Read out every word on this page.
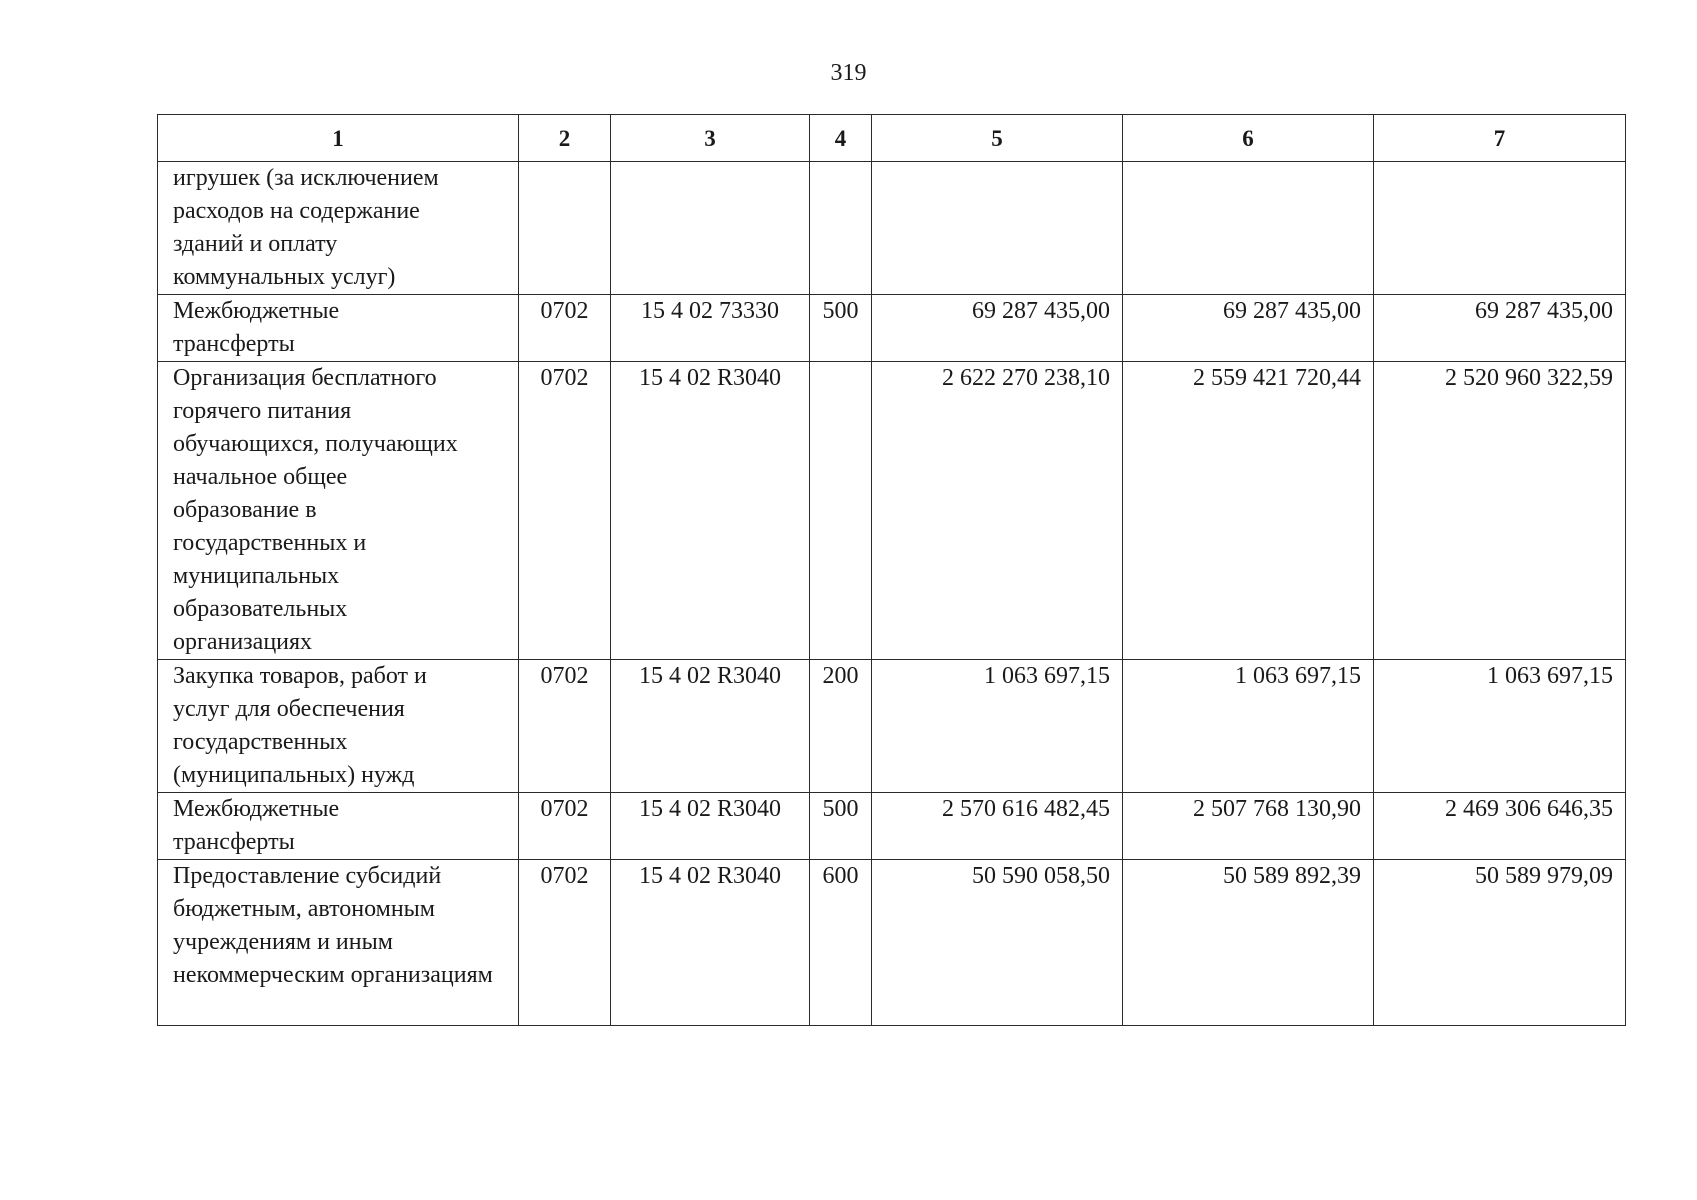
319
1	2	3	4	5	6	7

игрушек (за исключением расходов на содержание зданий и оплату коммунальных услуг)						

Межбюджетные трансферты	0702	15 4 02 73330	500	69 287 435,00	69 287 435,00	69 287 435,00

Организация бесплатного горячего питания обучающихся, получающих начальное общее образование в государственных и муниципальных образовательных организациях	0702	15 4 02 R3040		2 622 270 238,10	2 559 421 720,44	2 520 960 322,59

Закупка товаров, работ и услуг для обеспечения государственных (муниципальных) нужд	0702	15 4 02 R3040	200	1 063 697,15	1 063 697,15	1 063 697,15

Межбюджетные трансферты	0702	15 4 02 R3040	500	2 570 616 482,45	2 507 768 130,90	2 469 306 646,35

Предоставление субсидий бюджетным, автономным учреждениям и иным некоммерческим организациям	0702	15 4 02 R3040	600	50 590 058,50	50 589 892,39	50 589 979,09
